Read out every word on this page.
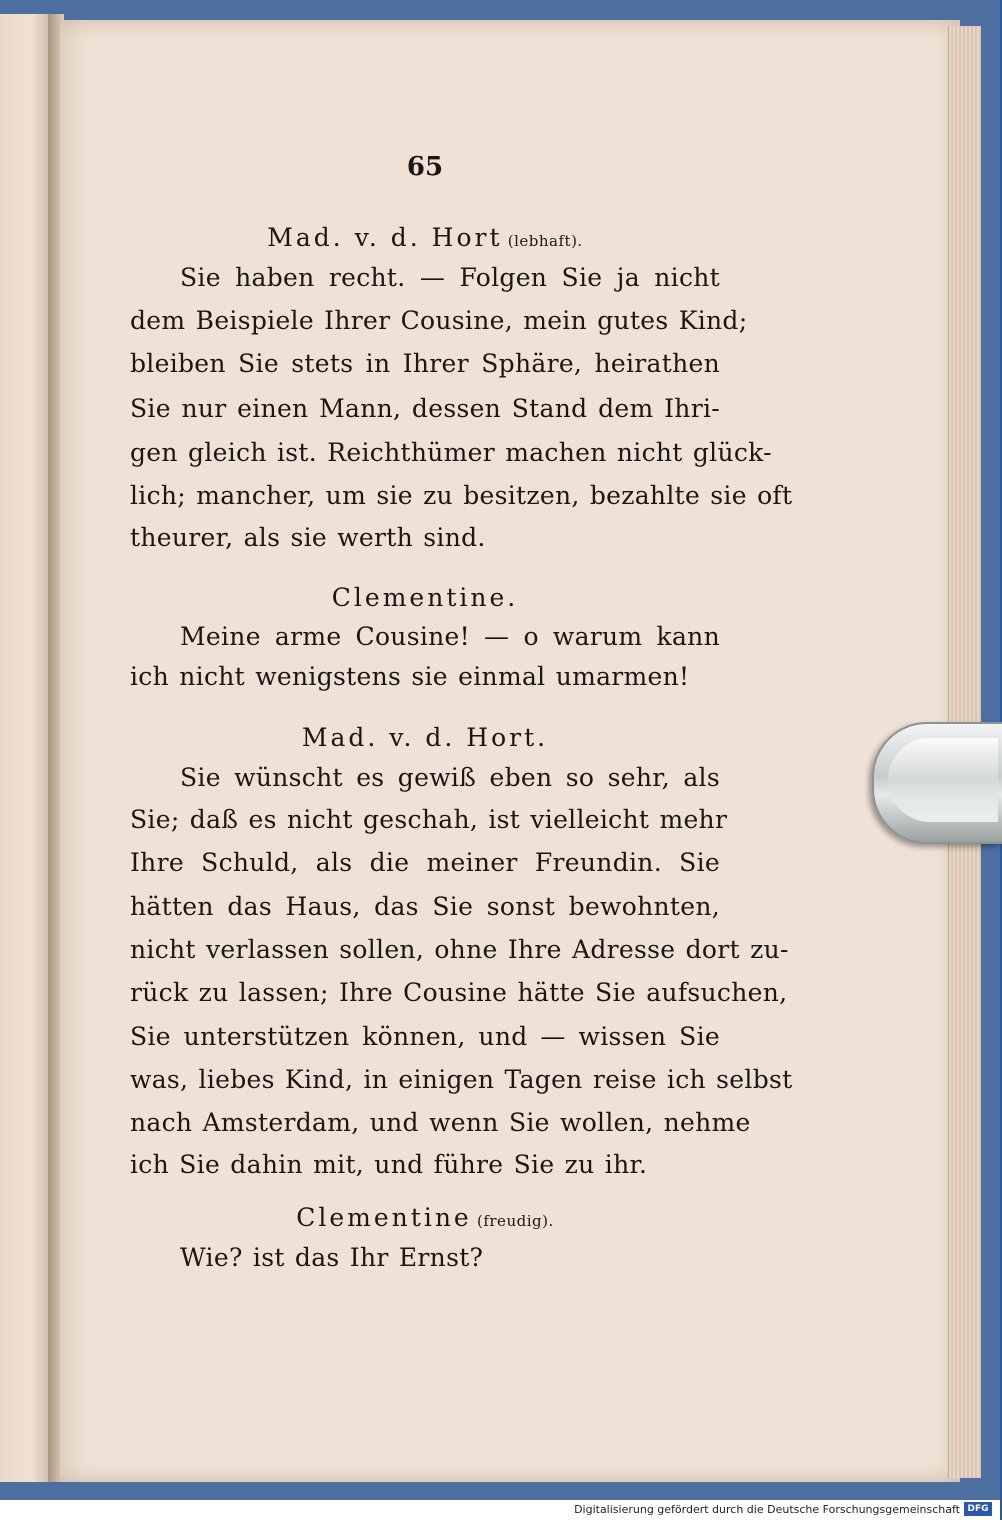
65
Mad. v. d. Hort (lebhaft).
Sie haben recht. — Folgen Sie ja nicht
dem Beispiele Ihrer Cousine, mein gutes Kind;
bleiben Sie stets in Ihrer Sphäre, heirathen
Sie nur einen Mann, dessen Stand dem Ihri-
gen gleich ist. Reichthümer machen nicht glück-
lich; mancher, um sie zu besitzen, bezahlte sie oft
theurer, als sie werth sind.
Clementine.
Meine arme Cousine! — o warum kann
ich nicht wenigstens sie einmal umarmen!
Mad. v. d. Hort.
Sie wünscht es gewiß eben so sehr, als
Sie; daß es nicht geschah, ist vielleicht mehr
Ihre Schuld, als die meiner Freundin. Sie
hätten das Haus, das Sie sonst bewohnten,
nicht verlassen sollen, ohne Ihre Adresse dort zu-
rück zu lassen; Ihre Cousine hätte Sie aufsuchen,
Sie unterstützen können, und — wissen Sie
was, liebes Kind, in einigen Tagen reise ich selbst
nach Amsterdam, und wenn Sie wollen, nehme
ich Sie dahin mit, und führe Sie zu ihr.
Clementine (freudig).
Wie? ist das Ihr Ernst?
Digitalisierung gefördert durch die Deutsche Forschungsgemeinschaft DFG
